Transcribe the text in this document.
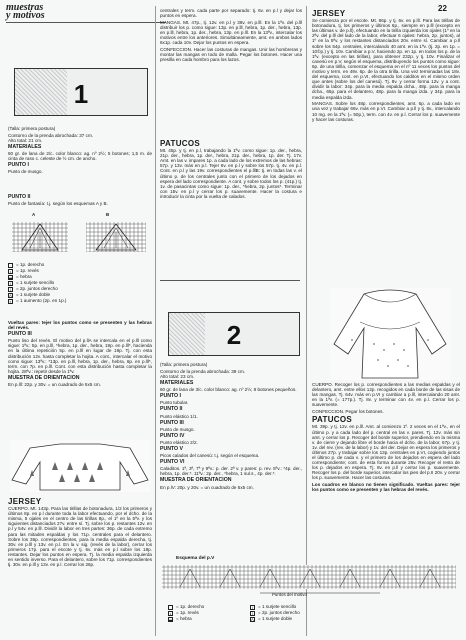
muestras
y motivos
22
1

(Talla: primera postura)

Contorno de la prenda abrochada: 37 cm.

Alto total: 21 cm.

MATERIALES

60 gr. de lana de 2/c. color blanco: ag. nº 2½; 5 botones; 1,5 m. de cinta de raso c. celeste de ½ cm. de ancho.

PUNTO I

Punto de musgo.

PUNTO II

Punto de fantasía: t.j. según los esquemas A y B.

A	B
= 1p. derecho
•	= 1p. revés
▬ = hebra
/	= 1 surjete sencillo
\	= 2p. juntos derecho
Λ = 1 surjete doble
▪	= 1 aumento (2p. en 1p.)

Vueltas pares: tejer los puntos como se presenten y las hebras del revés.

PUNTO III

Punto liso del revés. El motivo del p.llA se intercala en el p.lll como sigue: 1ªv.: 5p. en p.lll, *hebra, 1p. der., hebra, 19p. en p.lll*, hacienda en la última repetición 5p. en p.lll en lugar de 19p. Tj. con esta distribución 12v. hasta completar la hojita. A cont., intercalar el motivo como sigue: 13ªv.: *13p. en p.lll, hebra, 1p. der., hebra, 6p. en p.lll*, term. con 7p. en p.lll. Cont. con esta distribución hasta completar la hojita. 28ªv.: repetir desde la 1ªv.

MUESTRA DE ORIENTACION

En p.lll: 22p. y 30v. = un cuadrado de 5x5 cm.

JERSEY

CUERPO. Mt. 143p. Para las tirillas de botonadura, 1/2 los primeros y últimos 8p. en p.l durante toda la labor efectuando, por el dcho. de la misma, 5 ojales en el centro de las tirillas 8p., el 1º en la 5ªv. y los siguientes distanciados 27v. entre sí. Tj. sobre los p. restantes 12v. en p.l y 54v. en p.lll. Dividir la labor en tres partes: 36p. de cada extremo para las mitades espaldas y los 71p. centrales para el delantero. Sobre los 36p. correspondientes, para la media espalda derecha, tj. 30v. en p.lll y 13v. en p.l. En la v. sig. (revés de la labor), cerrar los primeros 17p. para el escote y tj. 6v. más en p.l sobre los 19p. restantes. Dejar los puntos en espera. Tj. la media espalda izquierda en sentido inverso. Para el delantero, sobre los 71p. correspondientes tj. 30v. en p.lll y 13v. en p.l. Cerrar los 26p.

centrales y term. cada parte por separado: tj. 6v. en p.l y dejar los puntos en espera.

MANGAS. Mt. 47p., tj. 12v. en p.l y 38v. en p.lll. En la 1ªv. del p.lll distribuir los p. como sigue: 13p. en p.lll, hebra, 1p. der., hebra, 13p. en p.lll, hebra, 1p. der., hebra, 13p. en p.lll. En la 13ªv., intercalar los motivos entre los anteriores. Simultáneamente, amt. en ambos lados 6x1p. cada 10v. Dejar los puntos en espera.

CONFECCION. Hacer las costuras de mangas. Unir las hombreras y montar las mangas en todo de malla. Pegar los botones. Hacer una presilla en cada hombro para los lazos.

PATUCOS

Mt. 45p. y tj. en p.l, trabajando la 1ªv. como sigue: 1p. der., hebra, 21p. der., hebra, 1p. der., hebra, 21p. der., hebra, 1p. der. Tj. 17v. Amt. en las v. impares 1p. a cada lado de los extremos de las hebras: 57p. y 13v. más en p.l. Tejer 6v. en p.l y sobre los 57p. tj. 4v. en p.l. Cont. en p.l y las 19v. correspondientes el p.lllB: tj. en todas las v. el último p. de los centrales junto con el primero de los dejados en espera del lado correspondiente. A cont. y sobre todos los p. (41p.) tj. 1v. de pasacintas como sigue: 1p. der., *hebra, 2p. juntos*. Terminar con 15v. en p.l y cerrar los p. suavemente. Hacer la costura e introducir la cinta por la vuelta de calados.

2

(Talla: primera postura)

Contorno de la prenda abrochada: 39 cm.

Alto total: 23 cm.

MATERIALES

60 gr. de lana de 3/c. color blanco: ag. nº 2½; 8 botones pequeños.

PUNTO I

Punto tubular.

PUNTO II

Punto elástico 1/1.

PUNTO III

Punto de musgo.

PUNTO IV

Punto elástico 2/2.

PUNTO V

Picos calados del canesú: t.j. según el esquema.

PUNTO VI

Caladitos. 1ª, 3ª, 7ª y 9ªv.: p. der. 2ª v. y pares: p. rev. 5ªv.: *4p. der., hebra, 1p. der.*. 11ªv.: 2p. der., *hebra, 1 sul.s., 4p. der.*.

MUESTRA DE ORIENTACION

En p.lV: 20p. y 20v. = un cuadrado de 5x5 cm.

Esquema del p.V
Puntos del motivo
= 1p. derecho
•	= 1p. revés
▬ = hebra
/	= 1 surjete sencillo
\	= 2p. juntos derecho
Λ = 1 surjete doble
JERSEY

Se comienza por el escote. Mt. 86p. y tj. 6v. en p.lll. Para las tirillas de botonadura, tj. los primeros y últimos 6p., siempre en p.lll (excepto en las últimas v. de p.ll), efectuando en la tirilla izquierda los ojales (1º en la 2ªv. del p.lll del lado de la labor, efectuar 6 ojales: hebra, 2p. juntos), al 1º en la 5ªv. y los restantes distanciados 20v. entre sí. Cambiar a p.ll sobre los 54p. centrales, intercalando 40 amt. en la 1ªv. (tj. 2p. en 1p. = 10©p.) y tj. 10v. Cambiar a p.V, haciendo 2p. en 1p. en todos los p. de la 1ªv. (excepto en las tirillas), para obtener 232p. y tj. 10v. Finalizar el canesú en p.V, según el esquema, distribuyendo los puntos como sigue: 6p. de una tirilla, comenzar el esquema en el nº 11 veces los puntos del motivo y term. en 49v. 6p. de la otra tirilla. Una vez terminadas las 18v. del esquema, cont. en p.VI, efectuando los calditos en el mismo orden que antes (sobre los del canesú). Tj. 8v. y cerrar forma 12v. y a cont. dividir la labor: 34p. para la media espalda dcha., 48p. para la manga dcha., 65p. para el delantero, 48p. para la manga izda. y 34p. para la media espalda izda.

MANGAS. Sobre los 48p. correspondientes, amt. 6p. a cada lado en una vez y trabajar 66v. más en p.VI. Cambiar a p.ll y tj. 8v., intercalando 10 mg. en la 1ªv. (= 50p.), term. con 4v. en p.l. Cerrar los p. suavemente y hacer las costuras.

CUERPO. Recoger los p. correspondientes a las medias espaldas y el delantero, amt. entre ellos 12p. recogidos en cada borde de las sisas de las mangas. Tj. 64v. más en p.VI y cambiar a p.lll, intercalando 20 amt. en la 1ªv. (= 177p.). Tj. 8v. y terminar con 4v. en p.l. Cerrar los p. suavemente.

CONFECCION. Pegar los botones.

PATUCOS

Mt. 39p. y tj. 12v. en p.lll. Amt. al comienzo 1º. 2 veces en el 1ªv., en el último p. y a cada lado del p. central en las v. pares. Tj. 12v. más sin amt. y cerrar los p. Recoger del borde superior, prendiendo en la misma v. de cierre y dejando libre el borde hacia el dcho. de la labor, 67p. y tj. 1v. del rev. (rev. de la labor) y 1v. del der. Dejar en espera los primeros y últimos 27p. y trabajar sobre los 13p. centrales en p.VI, cogiendo juntos el último p. de cada v. y el primero de los dejados en espera del lado correspondiente; cont. de esta forma durante 25v. Recoger el resto de los p. dejados en espera. Tj. 8v. en p.ll y cerrar los p. suavemente. Recoger los p. del borde superior, intercalar los pies del p.II 20v. y cerrar los p. suavemente. Hacer las costuras.

Los cuadros en blanco no tienen significado. Vueltas pares: tejer los puntos como se presenten y las hebras del revés.
